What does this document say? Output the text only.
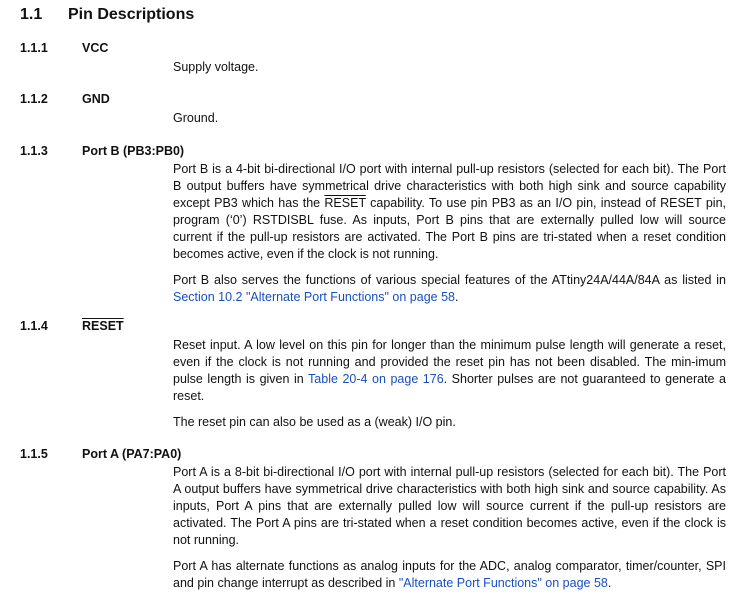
1.1 Pin Descriptions
1.1.1	VCC

Supply voltage.

1.1.2	GND

Ground.

1.1.3	Port B (PB3:PB0)

Port B is a 4-bit bi-directional I/O port with internal pull-up resistors (selected for each bit). The Port B output buffers have symmetrical drive characteristics with both high sink and source capability except PB3 which has the RESET capability. To use pin PB3 as an I/O pin, instead of RESET pin, program (‘0’) RSTDISBL fuse. As inputs, Port B pins that are externally pulled low will source current if the pull-up resistors are activated. The Port B pins are tri-stated when a reset condition becomes active, even if the clock is not running.

Port B also serves the functions of various special features of the ATtiny24A/44A/84A as listed in Section 10.2 "Alternate Port Functions" on page 58.

1.1.4	RESET

Reset input. A low level on this pin for longer than the minimum pulse length will generate a reset, even if the clock is not running and provided the reset pin has not been disabled. The min-imum pulse length is given in Table 20-4 on page 176. Shorter pulses are not guaranteed to generate a reset.

The reset pin can also be used as a (weak) I/O pin.

1.1.5	Port A (PA7:PA0)

Port A is a 8-bit bi-directional I/O port with internal pull-up resistors (selected for each bit). The Port A output buffers have symmetrical drive characteristics with both high sink and source capability. As inputs, Port A pins that are externally pulled low will source current if the pull-up resistors are activated. The Port A pins are tri-stated when a reset condition becomes active, even if the clock is not running.

Port A has alternate functions as analog inputs for the ADC, analog comparator, timer/counter, SPI and pin change interrupt as described in "Alternate Port Functions" on page 58.
